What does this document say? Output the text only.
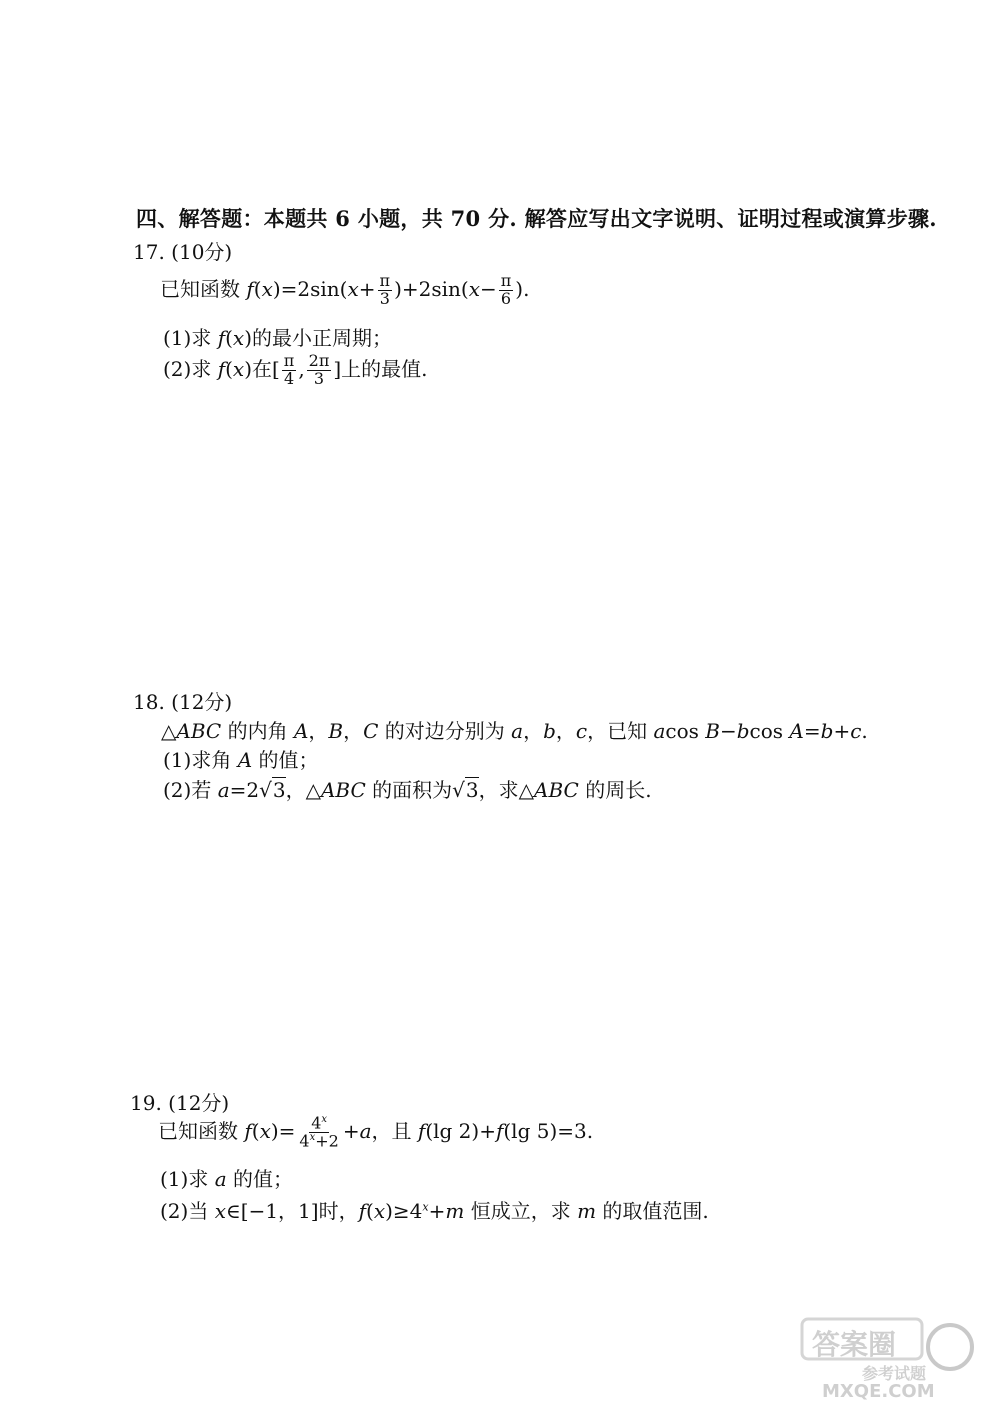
四、解答题：本题共 6 小题，共 70 分. 解答应写出文字说明、证明过程或演算步骤.
17. (10分)
已知函数 $f(x)=2\sin(x+ \frac{\pi}{3} )+2\sin(x- \frac{\pi}{6}$ ).
(1)求 f(x)的最小正周期；
(2)求 f(x)在[ $\frac{\pi}{4}$ , $\frac{2\pi}{3}$ ]上的最值.
18. (12分)
△ABC 的内角 A，B，C 的对边分别为 a，b，c，已知 acos B−bcos A=b+c.
(1)求角 A 的值；
(2)若 a=2√3，△ABC 的面积为√3，求△ABC 的周长.
19. (12分)
已知函数 $f(x)= \frac{4^x}{4^x+2} +a$，且 f(lg 2)+f(lg 5)=3.
(1)求 a 的值；
(2)当 x∈[−1，1]时，$f(x)\ge 4^x+m$ 恒成立，求 m 的取值范围.
答案圈
参考试题
MXQE.COM
